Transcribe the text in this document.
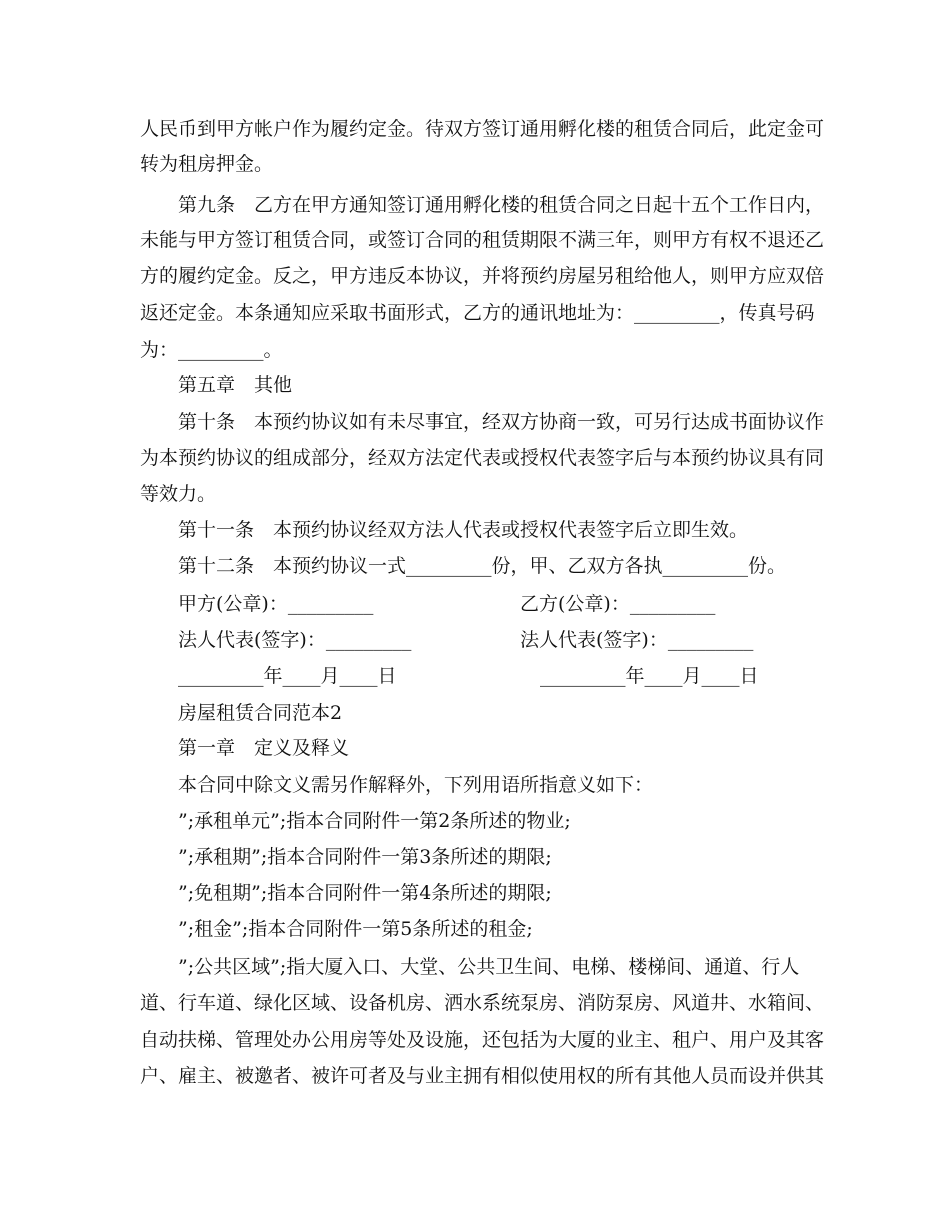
人民币到甲方帐户作为履约定金。待双方签订通用孵化楼的租赁合同后，此定金可
转为租房押金。
第九条　乙方在甲方通知签订通用孵化楼的租赁合同之日起十五个工作日内，
未能与甲方签订租赁合同，或签订合同的租赁期限不满三年，则甲方有权不退还乙
方的履约定金。反之，甲方违反本协议，并将预约房屋另租给他人，则甲方应双倍
返还定金。本条通知应采取书面形式，乙方的通讯地址为：_________，传真号码
为：_________。
第五章　其他
第十条　本预约协议如有未尽事宜，经双方协商一致，可另行达成书面协议作
为本预约协议的组成部分，经双方法定代表或授权代表签字后与本预约协议具有同
等效力。
第十一条　本预约协议经双方法人代表或授权代表签字后立即生效。
第十二条　本预约协议一式_________份，甲、乙双方各执_________份。
甲方(公章)：_________	乙方(公章)：_________
法人代表(签字)：_________	法人代表(签字)：_________
_________年____月____日	_________年____月____日
房屋租赁合同范本2
第一章　定义及释义
本合同中除文义需另作解释外，下列用语所指意义如下：
”;承租单元”;指本合同附件一第2条所述的物业;
”;承租期”;指本合同附件一第3条所述的期限;
”;免租期”;指本合同附件一第4条所述的期限;
”;租金”;指本合同附件一第5条所述的租金;
”;公共区域”;指大厦入口、大堂、公共卫生间、电梯、楼梯间、通道、行人
道、行车道、绿化区域、设备机房、洒水系统泵房、消防泵房、风道井、水箱间、
自动扶梯、管理处办公用房等处及设施，还包括为大厦的业主、租户、用户及其客
户、雇主、被邀者、被许可者及与业主拥有相似使用权的所有其他人员而设并供其
